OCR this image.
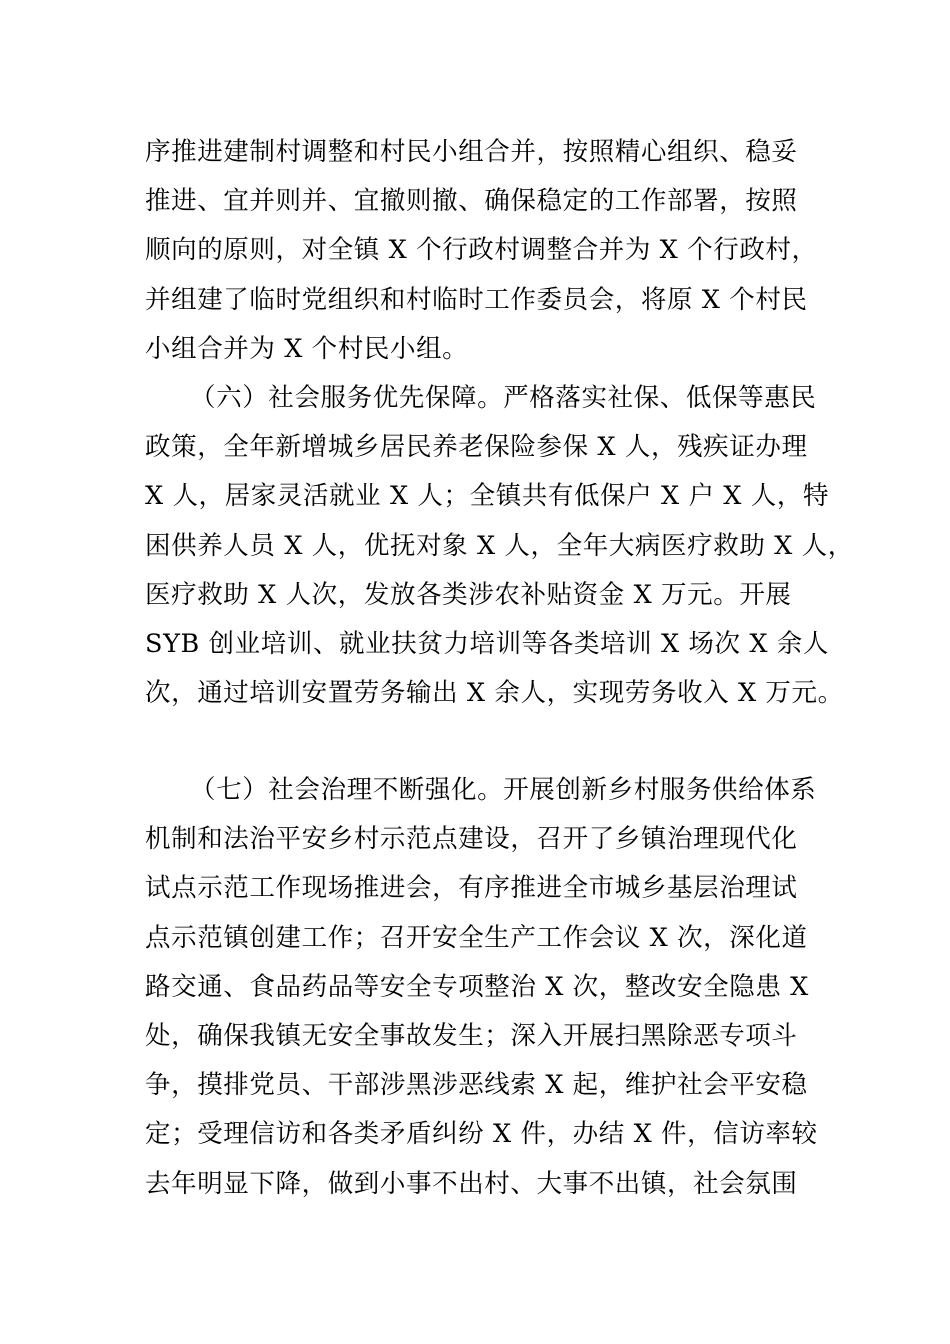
序推进建制村调整和村民小组合并，按照精心组织、稳妥
推进、宜并则并、宜撤则撤、确保稳定的工作部署，按照
顺向的原则，对全镇 X 个行政村调整合并为 X 个行政村，
并组建了临时党组织和村临时工作委员会，将原 X 个村民
小组合并为 X 个村民小组。
（六）社会服务优先保障。严格落实社保、低保等惠民
政策，全年新增城乡居民养老保险参保 X 人，残疾证办理
X 人，居家灵活就业 X 人；全镇共有低保户 X 户 X 人，特
困供养人员 X 人，优抚对象 X 人，全年大病医疗救助 X 人，
医疗救助 X 人次，发放各类涉农补贴资金 X 万元。开展
SYB 创业培训、就业扶贫力培训等各类培训 X 场次 X 余人
次，通过培训安置劳务输出 X 余人，实现劳务收入 X 万元。
（七）社会治理不断强化。开展创新乡村服务供给体系
机制和法治平安乡村示范点建设，召开了乡镇治理现代化
试点示范工作现场推进会，有序推进全市城乡基层治理试
点示范镇创建工作；召开安全生产工作会议 X 次，深化道
路交通、食品药品等安全专项整治 X 次，整改安全隐患 X
处，确保我镇无安全事故发生；深入开展扫黑除恶专项斗
争，摸排党员、干部涉黑涉恶线索 X 起，维护社会平安稳
定；受理信访和各类矛盾纠纷 X 件，办结 X 件，信访率较
去年明显下降，做到小事不出村、大事不出镇，社会氛围
